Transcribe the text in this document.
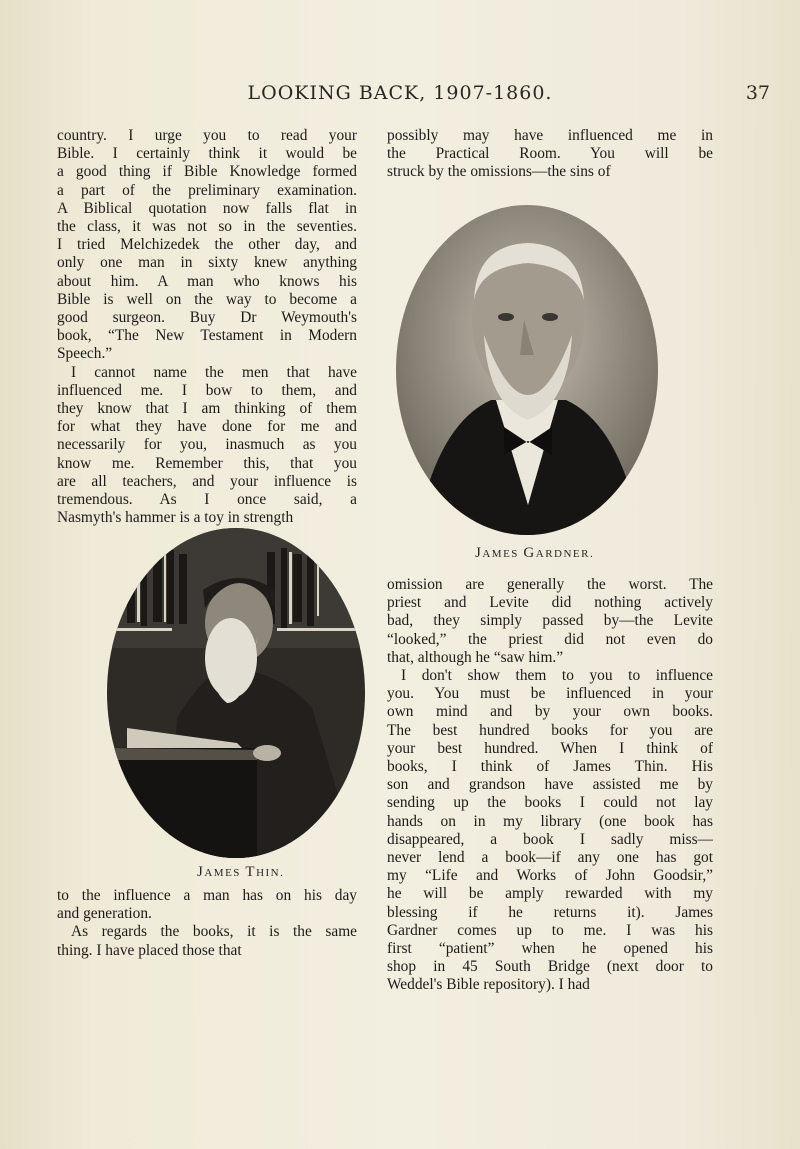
LOOKING BACK, 1907-1860.	37

country. I urge you to read your
Bible. I certainly think it would be
a good thing if Bible Knowledge formed
a part of the preliminary examination.
A Biblical quotation now falls flat in
the class, it was not so in the seventies.
I tried Melchizedek the other day, and
only one man in sixty knew anything
about him. A man who knows his
Bible is well on the way to become a
good surgeon. Buy Dr Weymouth's
book, “The New Testament in Modern
Speech.”

I cannot name the men that have
influenced me. I bow to them, and
they know that I am thinking of them
for what they have done for me and
necessarily for you, inasmuch as you
know me. Remember this, that you
are all teachers, and your influence is
tremendous. As I once said, a
Nasmyth's hammer is a toy in strength

JAMES THIN.

to the influence a man has on his day
and generation.

As regards the books, it is the same
thing. I have placed those that

possibly may have influenced me in
the Practical Room. You will be
struck by the omissions—the sins of

JAMES GARDNER.

omission are generally the worst. The
priest and Levite did nothing actively
bad, they simply passed by—the Levite
“looked,” the priest did not even do
that, although he “saw him.”

I don't show them to you to influence
you. You must be influenced in your
own mind and by your own books.
The best hundred books for you are
your best hundred. When I think of
books, I think of James Thin. His
son and grandson have assisted me by
sending up the books I could not lay
hands on in my library (one book has
disappeared, a book I sadly miss—
never lend a book—if any one has got
my “Life and Works of John Goodsir,”
he will be amply rewarded with my
blessing if he returns it). James
Gardner comes up to me. I was his
first “patient” when he opened his
shop in 45 South Bridge (next door to
Weddel's Bible repository). I had
